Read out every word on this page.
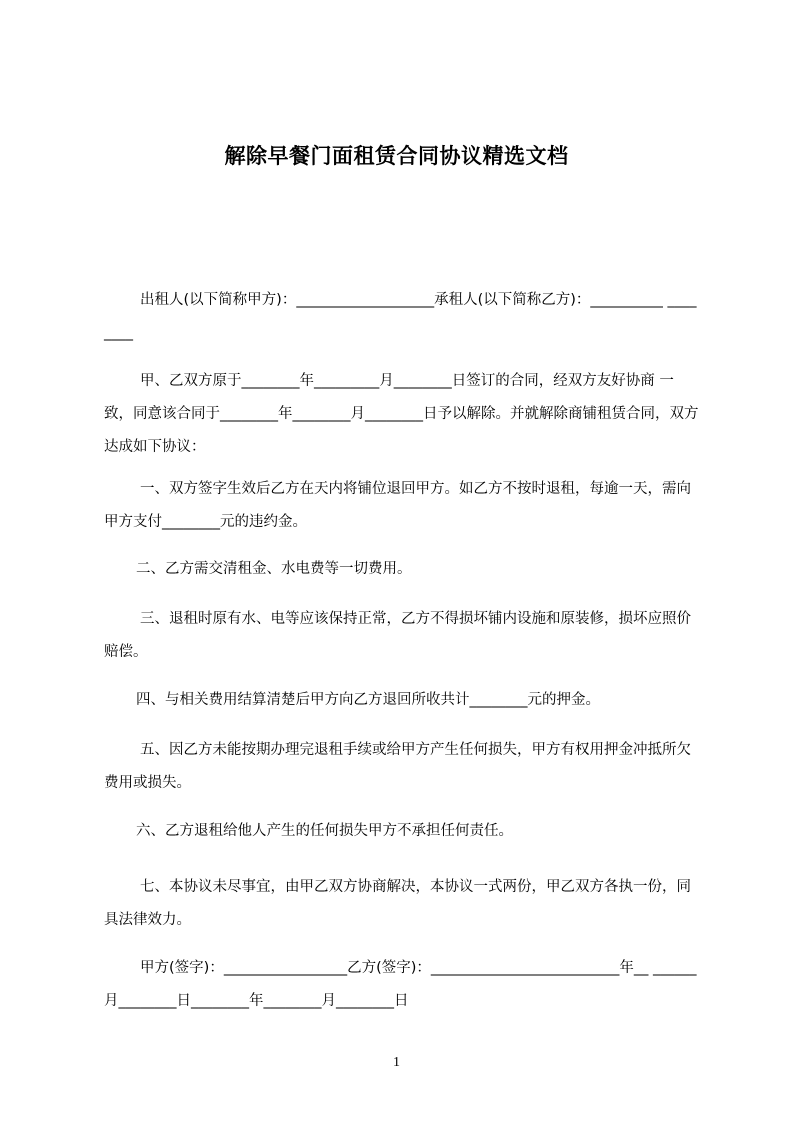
解除早餐门面租赁合同协议精选文档

出租人(以下简称甲方)：___________________承租人(以下简称乙方)：__________ ________

甲、乙双方原于________年_________月________日签订的合同，经双方友好协商 一致，同意该合同于________年________月________日予以解除。并就解除商铺租赁合同，双方达成如下协议：

一、双方签字生效后乙方在天内将铺位退回甲方。如乙方不按时退租，每逾一天，需向甲方支付________元的违约金。

二、乙方需交清租金、水电费等一切费用。

三、退租时原有水、电等应该保持正常，乙方不得损坏铺内设施和原装修，损坏应照价赔偿。

四、与相关费用结算清楚后甲方向乙方退回所收共计________元的押金。

五、因乙方未能按期办理完退租手续或给甲方产生任何损失，甲方有权用押金冲抵所欠费用或损失。

六、乙方退租给他人产生的任何损失甲方不承担任何责任。

七、本协议未尽事宜，由甲乙双方协商解决，本协议一式两份，甲乙双方各执一份，同具法律效力。

甲方(签字)：_________________乙方(签字)：__________________________年__ ______月________日________年________月________日

1
